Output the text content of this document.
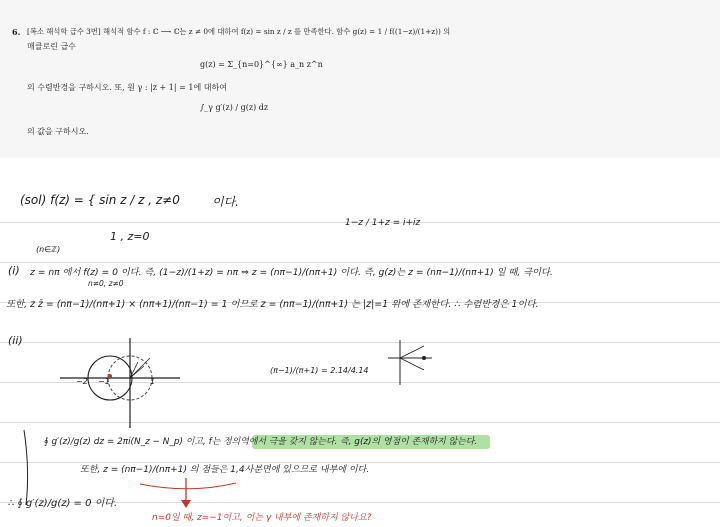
6. [복소 해석학 급수 3번] 해석적 함수 f : ℂ ⟶ ℂ는 z ≠ 0에 대하여 f(z) = sin z / z 를 만족한다. 함수 g(z) = 1 / f((1−z)/(1+z)) 의
매클로린 급수
g(z) = Σ_{n=0}^{∞} a_n z^n
의 수렴반경을 구하시오. 또, 원 γ : |z + 1| = 1에 대하여
∫_γ g′(z) / g(z) dz
의 값을 구하시오.
(sol) f(z) = { sin z / z , z≠0
1 , z=0
이다.
1−z / 1+z = i+iz
(i)
(n∈ℤ)
z = nπ 에서 f(z) = 0 이다. 즉, (1−z)/(1+z) = nπ ⇒ z = (nπ−1)/(nπ+1) 이다. 즉, g(z)는 z = (nπ−1)/(nπ+1) 일 때, 극이다.
n≠0, z≠0
또한, z z̄ = (nπ−1)/(nπ+1) × (nπ+1)/(nπ−1) = 1 이므로 z = (nπ−1)/(nπ+1) 는 |z|=1 위에 존재한다. ∴ 수렴반경은 1이다.
(ii)
−2 −1	1
(π−1)/(π+1) = 2.14/4.14
∮ g′(z)/g(z) dz = 2πi(N_z − N_p) 이고, f는 정의역에서 극을 갖지 않는다. 즉, g(z)의 영점이 존재하지 않는다.
또한, z = (nπ−1)/(nπ+1) 의 점들은 1,4사분면에 있으므로 내부에 이다.
∴ ∮ g′(z)/g(z) = 0 이다.
n=0일 때, z=−1이고, 이는 γ 내부에 존재하지 않나요?
